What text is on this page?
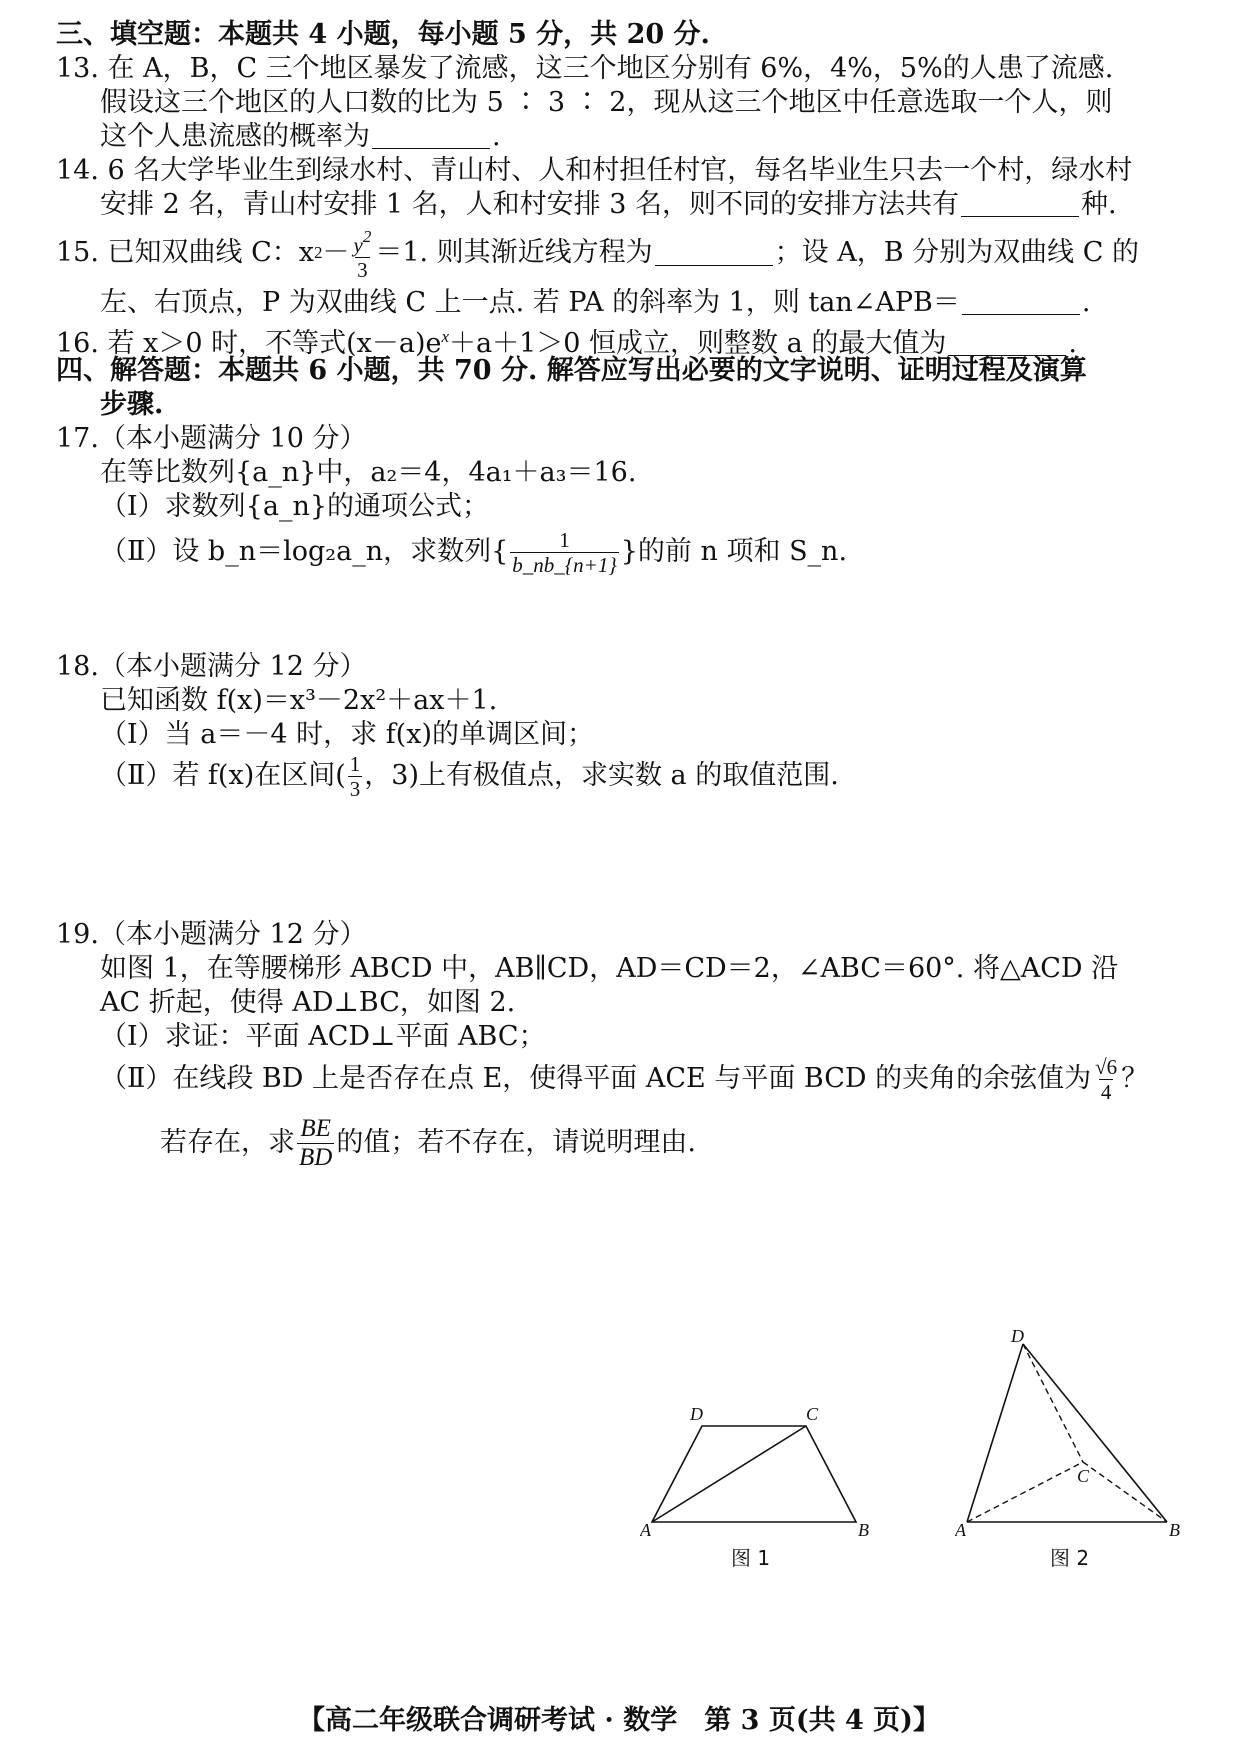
三、填空题：本题共 4 小题，每小题 5 分，共 20 分.
13. 在 A，B，C 三个地区暴发了流感，这三个地区分别有 6%，4%，5%的人患了流感.
假设这三个地区的人口数的比为 5 ∶ 3 ∶ 2，现从这三个地区中任意选取一个人，则
这个人患流感的概率为	.
14. 6 名大学毕业生到绿水村、青山村、人和村担任村官，每名毕业生只去一个村，绿水村
安排 2 名，青山村安排 1 名，人和村安排 3 名，则不同的安排方法共有	种.
15. 已知双曲线 C：x $2 - \frac{y^2}{3} =1$. 则其渐近线方程为	；设 A，B 分别为双曲线 C 的
左、右顶点，P 为双曲线 C 上一点. 若 PA 的斜率为 1，则 tan∠APB＝	.
16. 若 x＞0 时，不等式$(x-a)e^x+a+1>0$ 恒成立，则整数 a 的最大值为	.
四、解答题：本题共 6 小题，共 70 分. 解答应写出必要的文字说明、证明过程及演算
步骤.
17.（本小题满分 10 分）
在等比数列{a_n}中，a₂＝4，4a₁＋a₃＝16.
（Ⅰ）求数列{a_n}的通项公式；
（Ⅱ）设 b_n＝log₂a_n，求数列{ $\frac{1}{b\_nb\_\{n+1\}}$ }的前 n 项和 S_n.
18.（本小题满分 12 分）
已知函数 f(x)＝x³－2x²＋ax＋1.
（Ⅰ）当 a＝－4 时，求 f(x)的单调区间；
（Ⅱ）若 f(x)在区间( $\frac{1}{3}$ ，3)上有极值点，求实数 a 的取值范围.
19.（本小题满分 12 分）
如图 1，在等腰梯形 ABCD 中，AB∥CD，AD＝CD＝2，∠ABC＝60°. 将△ACD 沿
AC 折起，使得 AD⊥BC，如图 2.
（Ⅰ）求证：平面 ACD⊥平面 ABC；
（Ⅱ）在线段 BD 上是否存在点 E，使得平面 ACE 与平面 BCD 的夹角的余弦值为 $\frac{√6}{4}$ ？
若存在，求 $\frac{BE}{BD}$ 的值；若不存在，请说明理由.
A	B
C
D
图 1
A	B
C
D
图 2
【高二年级联合调研考试 · 数学　第 3 页(共 4 页)】
